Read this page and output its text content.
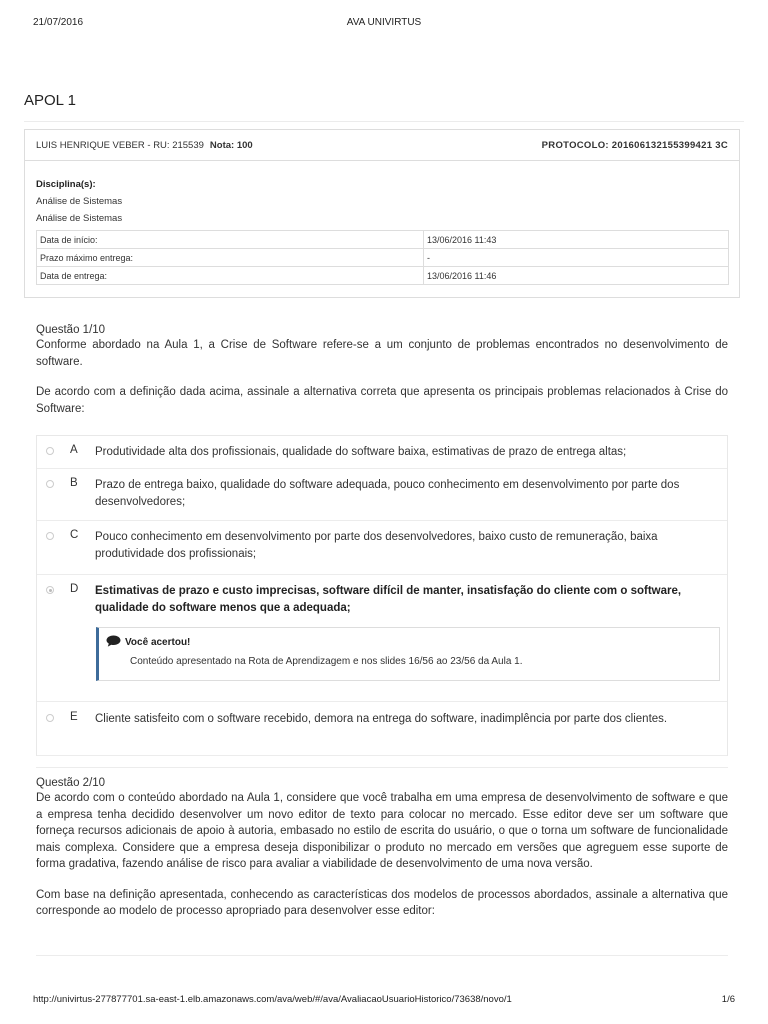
21/07/2016	AVA UNIVIRTUS
APOL 1
LUIS HENRIQUE VEBER - RU: 215539 Nota: 100	PROTOCOLO: 201606132155399421 3C
Disciplina(s):
Análise de Sistemas
Análise de Sistemas
Data de início:	13/06/2016 11:43
Prazo máximo entrega:	-
Data de entrega:	13/06/2016 11:46
Questão 1/10
Conforme abordado na Aula 1, a Crise de Software refere-se a um conjunto de problemas encontrados no desenvolvimento de software.
De acordo com a definição dada acima, assinale a alternativa correta que apresenta os principais problemas relacionados à Crise do Software:
A Produtividade alta dos profissionais, qualidade do software baixa, estimativas de prazo de entrega altas;
B Prazo de entrega baixo, qualidade do software adequada, pouco conhecimento em desenvolvimento por parte dos desenvolvedores;
C Pouco conhecimento em desenvolvimento por parte dos desenvolvedores, baixo custo de remuneração, baixa produtividade dos profissionais;
D Estimativas de prazo e custo imprecisas, software difícil de manter, insatisfação do cliente com o software, qualidade do software menos que a adequada;
E Cliente satisfeito com o software recebido, demora na entrega do software, inadimplência por parte dos clientes.
Você acertou!
Conteúdo apresentado na Rota de Aprendizagem e nos slides 16/56 ao 23/56 da Aula 1.
Questão 2/10
De acordo com o conteúdo abordado na Aula 1, considere que você trabalha em uma empresa de desenvolvimento de software e que a empresa tenha decidido desenvolver um novo editor de texto para colocar no mercado. Esse editor deve ser um software que forneça recursos adicionais de apoio à autoria, embasado no estilo de escrita do usuário, o que o torna um software de funcionalidade mais complexa. Considere que a empresa deseja disponibilizar o produto no mercado em versões que agreguem esse suporte de forma gradativa, fazendo análise de risco para avaliar a viabilidade de desenvolvimento de uma nova versão.
Com base na definição apresentada, conhecendo as características dos modelos de processos abordados, assinale a alternativa que corresponde ao modelo de processo apropriado para desenvolver esse editor:
http://univirtus-277877701.sa-east-1.elb.amazonaws.com/ava/web/#/ava/AvaliacaoUsuarioHistorico/73638/novo/1	1/6
